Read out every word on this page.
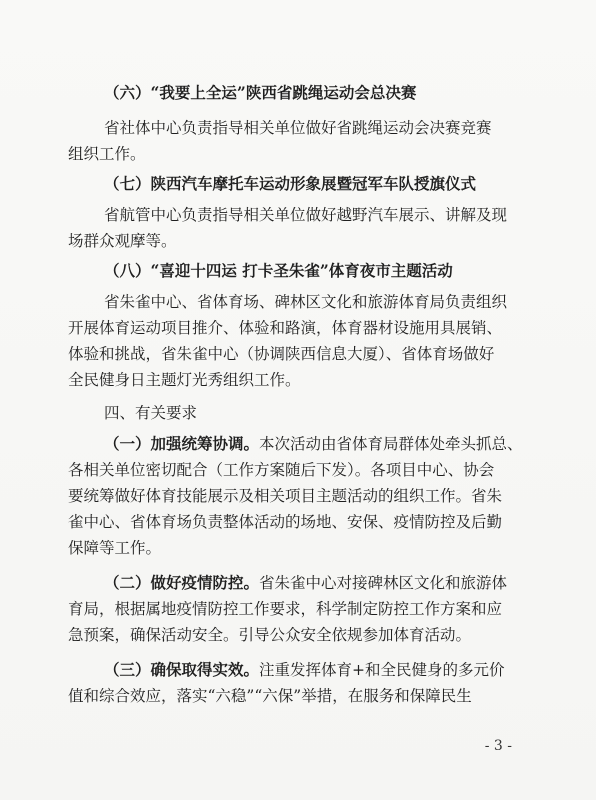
（六）“我要上全运”陕西省跳绳运动会总决赛
省社体中心负责指导相关单位做好省跳绳运动会决赛竞赛
组织工作。
（七）陕西汽车摩托车运动形象展暨冠军车队授旗仪式
省航管中心负责指导相关单位做好越野汽车展示、讲解及现
场群众观摩等。
（八）“喜迎十四运 打卡圣朱雀”体育夜市主题活动
省朱雀中心、省体育场、碑林区文化和旅游体育局负责组织
开展体育运动项目推介、体验和路演，体育器材设施用具展销、
体验和挑战，省朱雀中心（协调陕西信息大厦）、省体育场做好
全民健身日主题灯光秀组织工作。
四、有关要求
（一）加强统筹协调。本次活动由省体育局群体处牵头抓总、
各相关单位密切配合（工作方案随后下发）。各项目中心、协会
要统筹做好体育技能展示及相关项目主题活动的组织工作。省朱
雀中心、省体育场负责整体活动的场地、安保、疫情防控及后勤
保障等工作。
（二）做好疫情防控。省朱雀中心对接碑林区文化和旅游体
育局，根据属地疫情防控工作要求，科学制定防控工作方案和应
急预案，确保活动安全。引导公众安全依规参加体育活动。
（三）确保取得实效。注重发挥体育+和全民健身的多元价
值和综合效应，落实“六稳”“六保”举措，在服务和保障民生
- 3 -
